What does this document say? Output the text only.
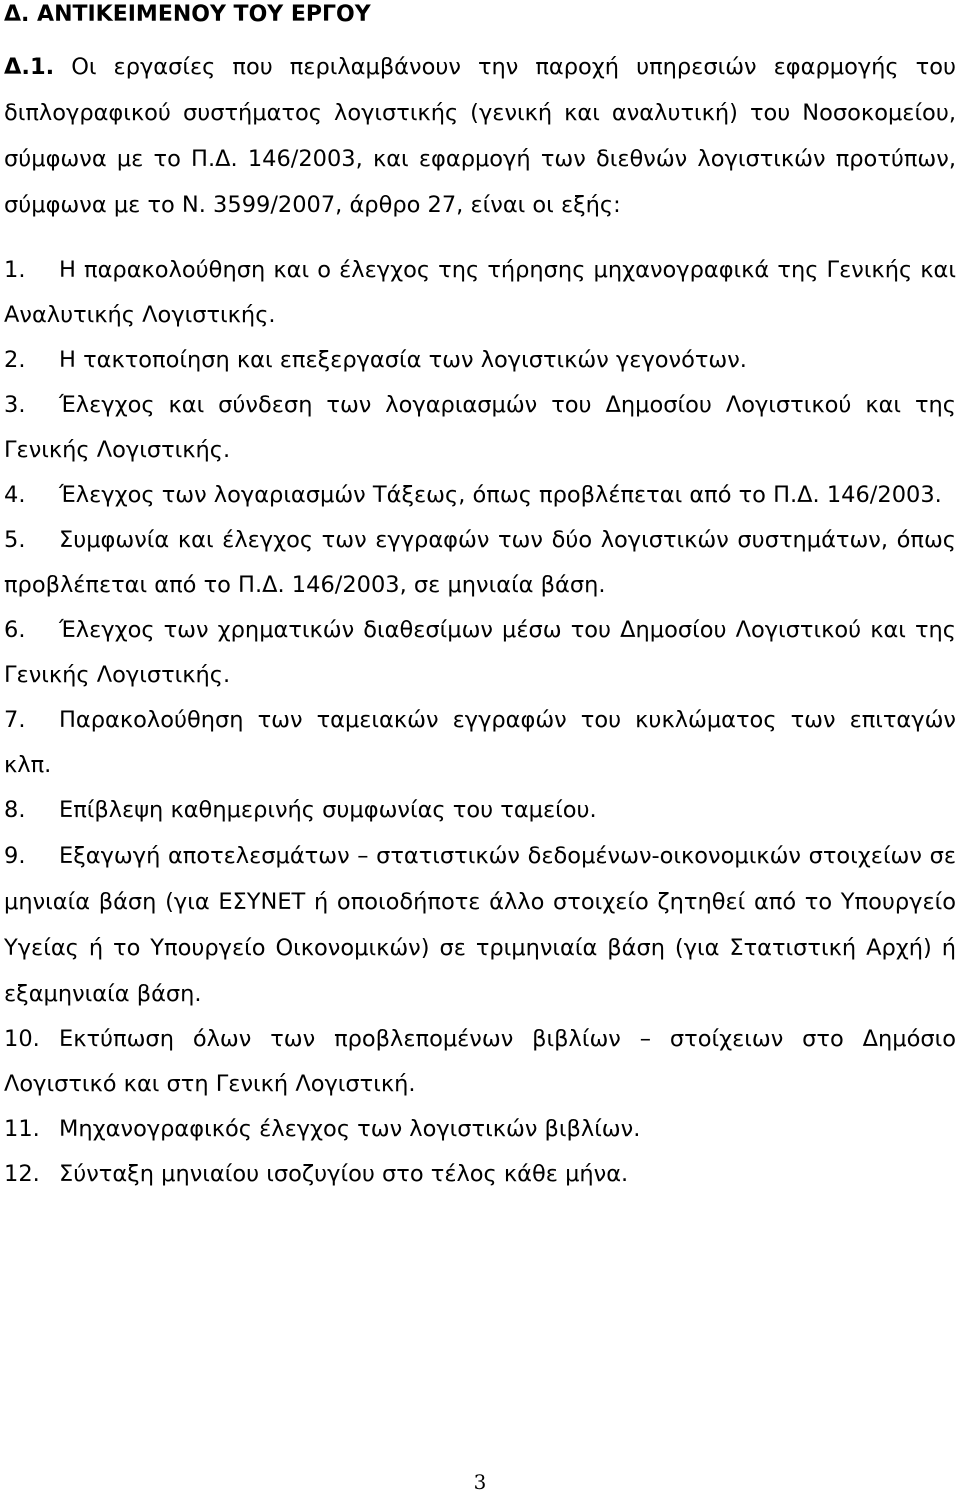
Δ. ΑΝΤΙΚΕΙΜΕΝΟΥ ΤΟΥ ΕΡΓΟΥ

Δ.1. Οι εργασίες που περιλαμβάνουν την παροχή υπηρεσιών εφαρμογής του διπλογραφικού συστήματος λογιστικής (γενική και αναλυτική) του Νοσοκομείου, σύμφωνα με το Π.Δ. 146/2003, και εφαρμογή των διεθνών λογιστικών προτύπων, σύμφωνα με το Ν. 3599/2007, άρθρο 27, είναι οι εξής:

1. Η παρακολούθηση και ο έλεγχος της τήρησης μηχανογραφικά της Γενικής και Αναλυτικής Λογιστικής.
2. Η τακτοποίηση και επεξεργασία των λογιστικών γεγονότων.
3. Έλεγχος και σύνδεση των λογαριασμών του Δημοσίου Λογιστικού και της Γενικής Λογιστικής.
4. Έλεγχος των λογαριασμών Τάξεως, όπως προβλέπεται από το Π.Δ. 146/2003.
5. Συμφωνία και έλεγχος των εγγραφών των δύο λογιστικών συστημάτων, όπως προβλέπεται από το Π.Δ. 146/2003, σε μηνιαία βάση.
6. Έλεγχος των χρηματικών διαθεσίμων μέσω του Δημοσίου Λογιστικού και της Γενικής Λογιστικής.
7. Παρακολούθηση των ταμειακών εγγραφών του κυκλώματος των επιταγών κλπ.
8. Επίβλεψη καθημερινής συμφωνίας του ταμείου.
9. Εξαγωγή αποτελεσμάτων – στατιστικών δεδομένων-οικονομικών στοιχείων σε μηνιαία βάση (για ΕΣΥΝΕΤ ή οποιοδήποτε άλλο στοιχείο ζητηθεί από το Υπουργείο Υγείας ή το Υπουργείο Οικονομικών) σε τριμηνιαία βάση (για Στατιστική Αρχή) ή εξαμηνιαία βάση.
10. Εκτύπωση όλων των προβλεπομένων βιβλίων – στοίχειων στο Δημόσιο Λογιστικό και στη Γενική Λογιστική.
11. Μηχανογραφικός έλεγχος των λογιστικών βιβλίων.
12. Σύνταξη μηνιαίου ισοζυγίου στο τέλος κάθε μήνα.
3
